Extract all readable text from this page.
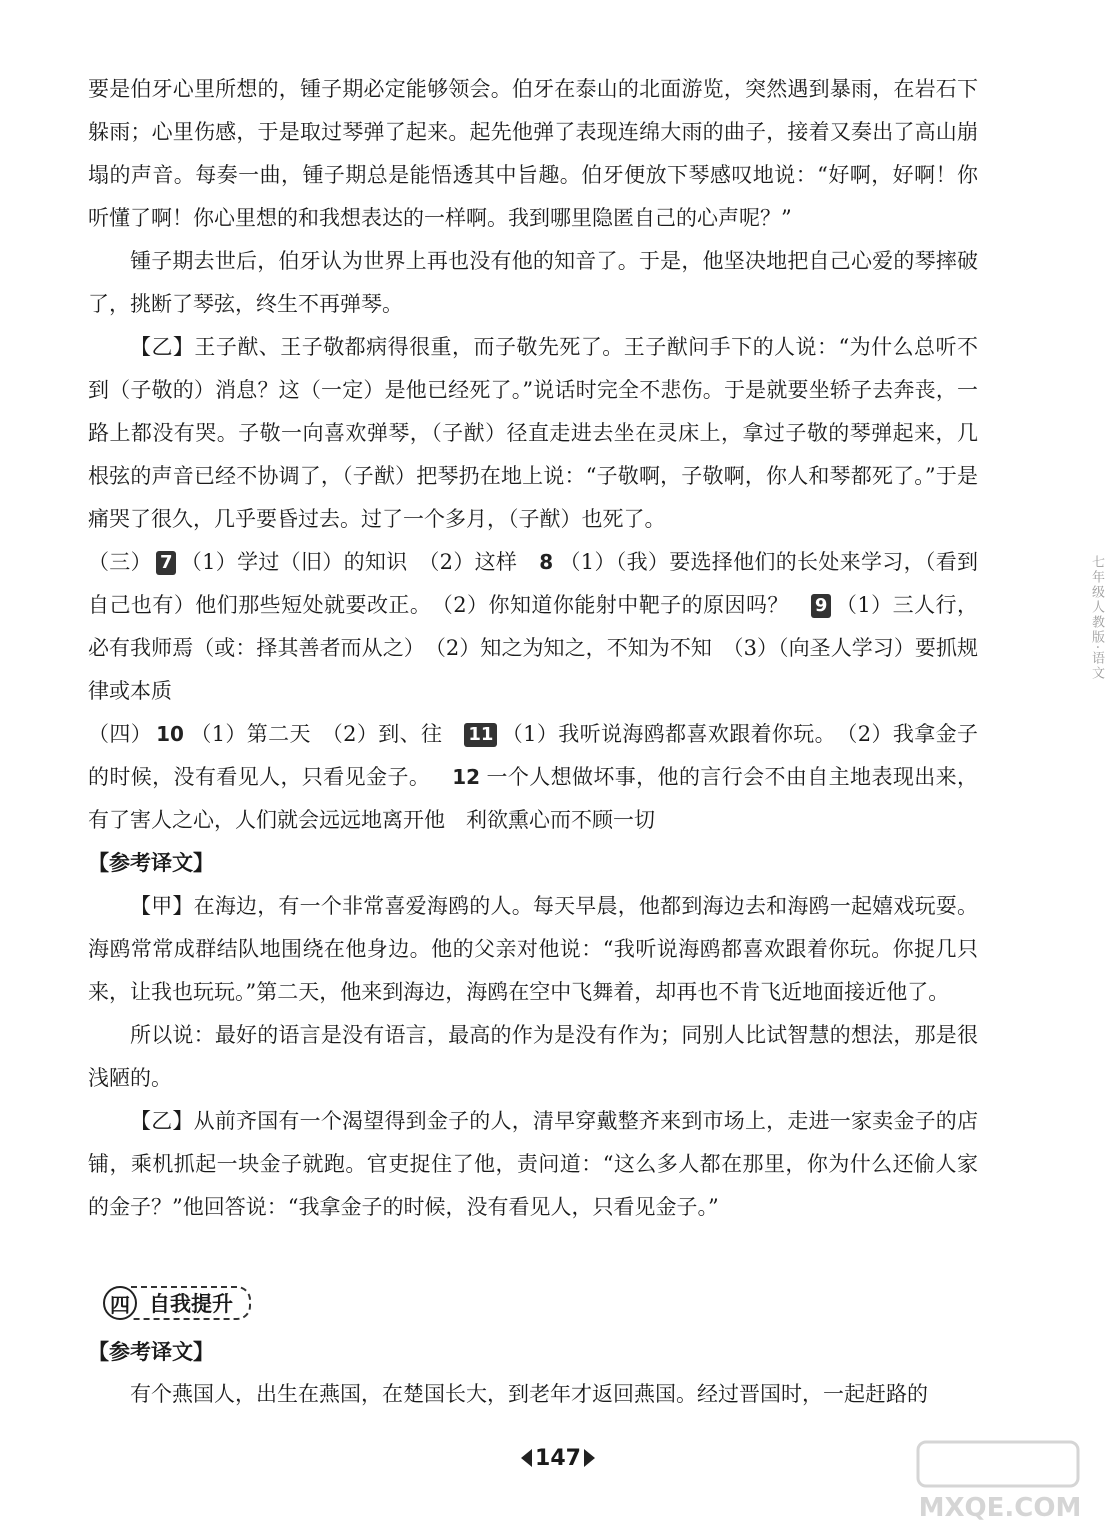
要是伯牙心里所想的，锺子期必定能够领会。伯牙在泰山的北面游览，突然遇到暴雨，在岩石下躲雨；心里伤感，于是取过琴弹了起来。起先他弹了表现连绵大雨的曲子，接着又奏出了高山崩塌的声音。每奏一曲，锺子期总是能悟透其中旨趣。伯牙便放下琴感叹地说：“好啊，好啊！你听懂了啊！你心里想的和我想表达的一样啊。我到哪里隐匿自己的心声呢？”

锺子期去世后，伯牙认为世界上再也没有他的知音了。于是，他坚决地把自己心爱的琴摔破了，挑断了琴弦，终生不再弹琴。

【乙】王子猷、王子敬都病得很重，而子敬先死了。王子猷问手下的人说：“为什么总听不到（子敬的）消息？这（一定）是他已经死了。”说话时完全不悲伤。于是就要坐轿子去奔丧，一路上都没有哭。子敬一向喜欢弹琴，（子猷）径直走进去坐在灵床上，拿过子敬的琴弹起来，几根弦的声音已经不协调了，（子猷）把琴扔在地上说：“子敬啊，子敬啊，你人和琴都死了。”于是痛哭了很久，几乎要昏过去。过了一个多月，（子猷）也死了。

（三） 7 （1）学过（旧）的知识　（2）这样 8 （1）（我）要选择他们的长处来学习，（看到自己也有）他们那些短处就要改正。　（2）你知道你能射中靶子的原因吗？ 9 （1）三人行，必有我师焉（或：择其善者而从之）　（2）知之为知之，不知为不知　（3）（向圣人学习）要抓规律或本质

（四） 10 （1）第二天　（2）到、往 11 （1）我听说海鸥都喜欢跟着你玩。　（2）我拿金子的时候，没有看见人，只看见金子。 12 一个人想做坏事，他的言行会不由自主地表现出来，有了害人之心，人们就会远远地离开他　利欲熏心而不顾一切

【参考译文】

【甲】在海边，有一个非常喜爱海鸥的人。每天早晨，他都到海边去和海鸥一起嬉戏玩耍。海鸥常常成群结队地围绕在他身边。他的父亲对他说：“我听说海鸥都喜欢跟着你玩。你捉几只来，让我也玩玩。”第二天，他来到海边，海鸥在空中飞舞着，却再也不肯飞近地面接近他了。

所以说：最好的语言是没有语言，最高的作为是没有作为；同别人比试智慧的想法，那是很浅陋的。

【乙】从前齐国有一个渴望得到金子的人，清早穿戴整齐来到市场上，走进一家卖金子的店铺，乘机抓起一块金子就跑。官吏捉住了他，责问道：“这么多人都在那里，你为什么还偷人家的金子？”他回答说：“我拿金子的时候，没有看见人，只看见金子。”

四 自我提升
【参考译文】

有个燕国人，出生在燕国，在楚国长大，到老年才返回燕国。经过晋国时，一起赶路的

147
七年级人教版·语文
MXQE.COM
